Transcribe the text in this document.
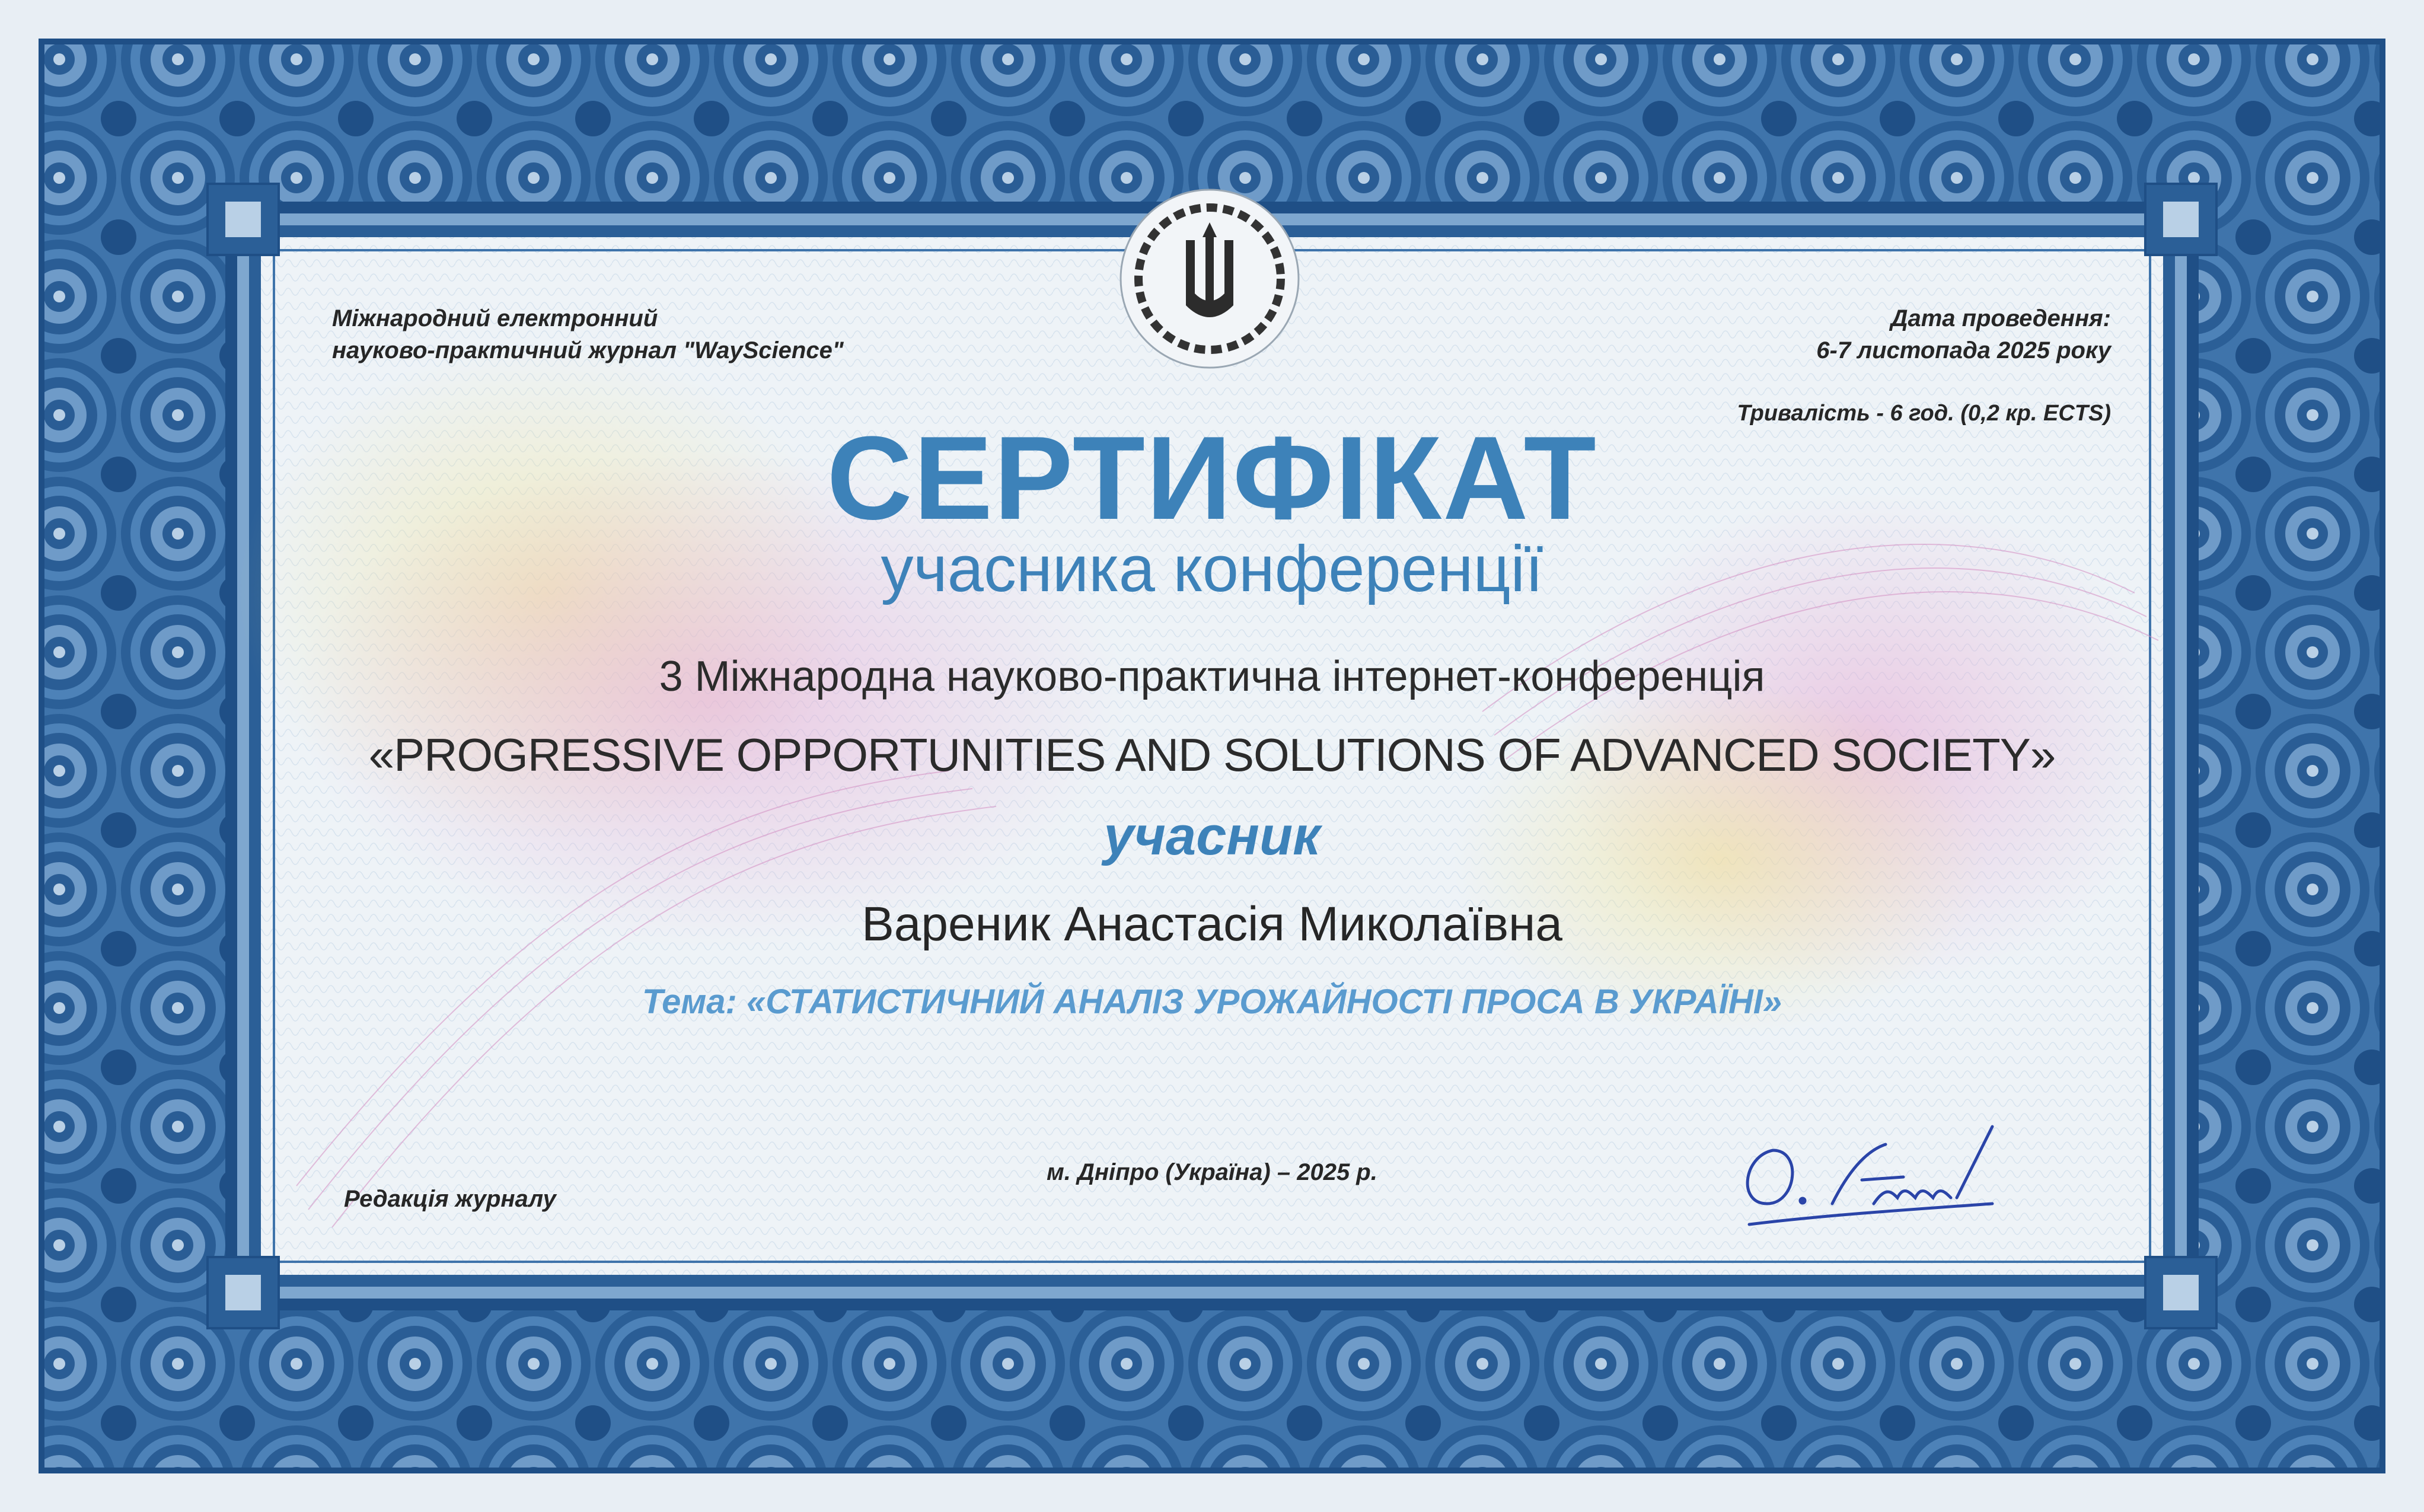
Міжнародний електронний
науково-практичний журнал "WayScience"

Дата проведення:
6-7 листопада 2025 року

Тривалість - 6 год. (0,2 кр. ECTS)

СЕРТИФІКАТ

учасника конференції

3 Міжнародна науково-практична інтернет-конференція

«PROGRESSIVE OPPORTUNITIES AND SOLUTIONS OF ADVANCED SOCIETY»

учасник

Вареник Анастасія Миколаївна

Тема: «СТАТИСТИЧНИЙ АНАЛІЗ УРОЖАЙНОСТІ ПРОСА В УКРАЇНІ»

м. Дніпро (Україна) – 2025 р.

Редакція журналу
